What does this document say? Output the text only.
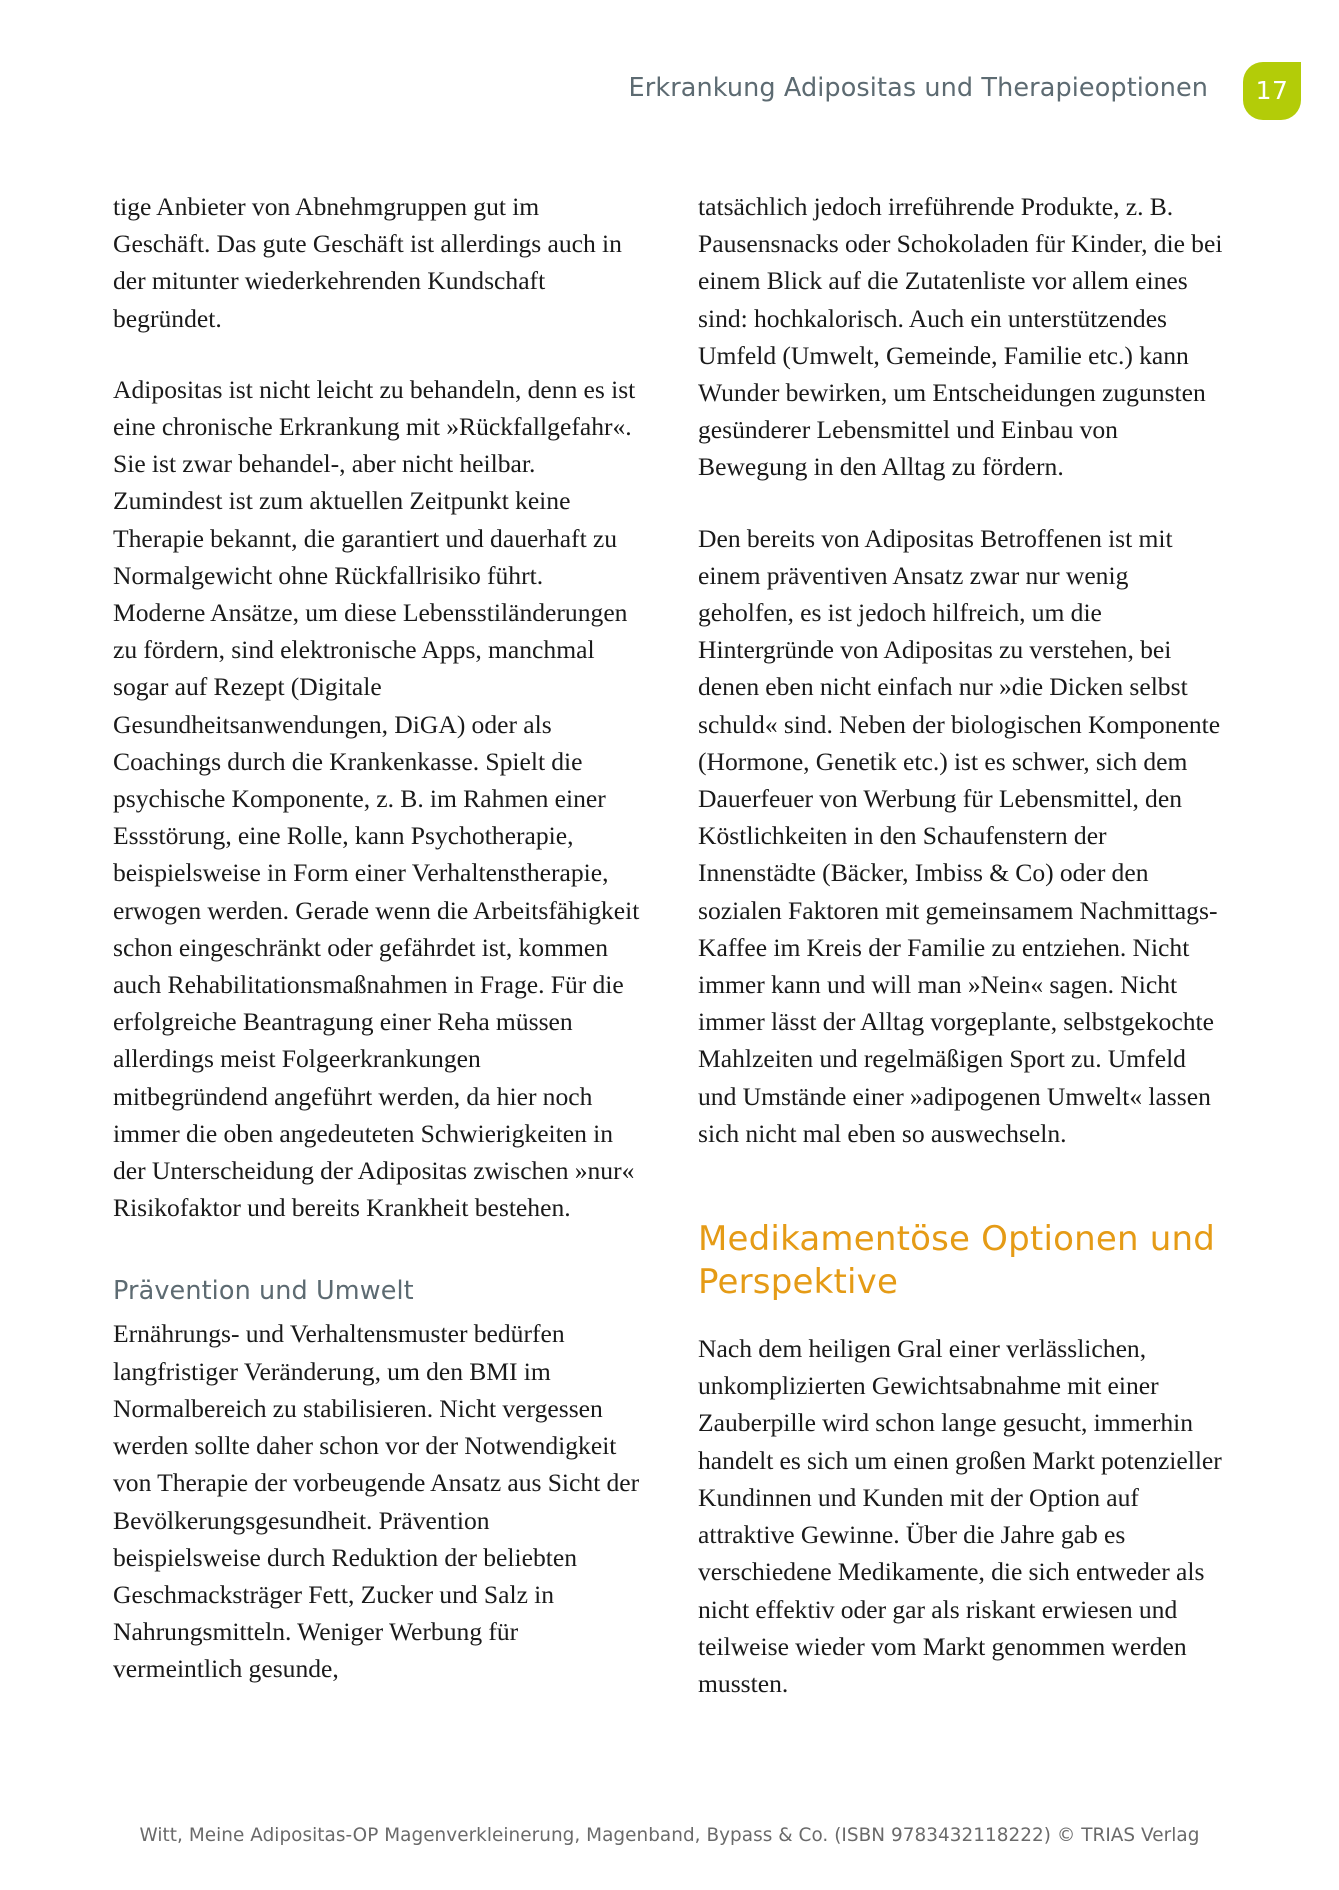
Erkrankung Adipositas und Therapieoptionen 17

tige Anbieter von Abnehmgruppen gut im Geschäft. Das gute Geschäft ist allerdings auch in der mitunter wiederkehrenden Kundschaft begründet.

Adipositas ist nicht leicht zu behandeln, denn es ist eine chronische Erkrankung mit »Rückfallgefahr«. Sie ist zwar behandel-, aber nicht heilbar. Zumindest ist zum aktuellen Zeitpunkt keine Therapie bekannt, die garantiert und dauerhaft zu Normalgewicht ohne Rückfallrisiko führt. Moderne Ansätze, um diese Lebensstiländerungen zu fördern, sind elektronische Apps, manchmal sogar auf Rezept (Digitale Gesundheitsanwendungen, DiGA) oder als Coachings durch die Krankenkasse. Spielt die psychische Komponente, z. B. im Rahmen einer Essstörung, eine Rolle, kann Psychotherapie, beispielsweise in Form einer Verhaltenstherapie, erwogen werden. Gerade wenn die Arbeitsfähigkeit schon eingeschränkt oder gefährdet ist, kommen auch Rehabilitationsmaßnahmen in Frage. Für die erfolgreiche Beantragung einer Reha müssen allerdings meist Folgeerkrankungen mitbegründend angeführt werden, da hier noch immer die oben angedeuteten Schwierigkeiten in der Unterscheidung der Adipositas zwischen »nur« Risikofaktor und bereits Krankheit bestehen.

Prävention und Umwelt

Ernährungs- und Verhaltensmuster bedürfen langfristiger Veränderung, um den BMI im Normalbereich zu stabilisieren. Nicht vergessen werden sollte daher schon vor der Notwendigkeit von Therapie der vorbeugende Ansatz aus Sicht der Bevölkerungsgesundheit. Prävention beispielsweise durch Reduktion der beliebten Geschmacksträger Fett, Zucker und Salz in Nahrungsmitteln. Weniger Werbung für vermeintlich gesunde,

tatsächlich jedoch irreführende Produkte, z. B. Pausensnacks oder Schokoladen für Kinder, die bei einem Blick auf die Zutatenliste vor allem eines sind: hochkalorisch. Auch ein unterstützendes Umfeld (Umwelt, Gemeinde, Familie etc.) kann Wunder bewirken, um Entscheidungen zugunsten gesünderer Lebensmittel und Einbau von Bewegung in den Alltag zu fördern.

Den bereits von Adipositas Betroffenen ist mit einem präventiven Ansatz zwar nur wenig geholfen, es ist jedoch hilfreich, um die Hintergründe von Adipositas zu verstehen, bei denen eben nicht einfach nur »die Dicken selbst schuld« sind. Neben der biologischen Komponente (Hormone, Genetik etc.) ist es schwer, sich dem Dauerfeuer von Werbung für Lebensmittel, den Köstlichkeiten in den Schaufenstern der Innenstädte (Bäcker, Imbiss & Co) oder den sozialen Faktoren mit gemeinsamem Nachmittags-Kaffee im Kreis der Familie zu entziehen. Nicht immer kann und will man »Nein« sagen. Nicht immer lässt der Alltag vorgeplante, selbstgekochte Mahlzeiten und regelmäßigen Sport zu. Umfeld und Umstände einer »adipogenen Umwelt« lassen sich nicht mal eben so auswechseln.

Medikamentöse Optionen und Perspektive

Nach dem heiligen Gral einer verlässlichen, unkomplizierten Gewichtsabnahme mit einer Zauberpille wird schon lange gesucht, immerhin handelt es sich um einen großen Markt potenzieller Kundinnen und Kunden mit der Option auf attraktive Gewinne. Über die Jahre gab es verschiedene Medikamente, die sich entweder als nicht effektiv oder gar als riskant erwiesen und teilweise wieder vom Markt genommen werden mussten.

Witt, Meine Adipositas-OP Magenverkleinerung, Magenband, Bypass & Co. (ISBN 9783432118222) © TRIAS Verlag
